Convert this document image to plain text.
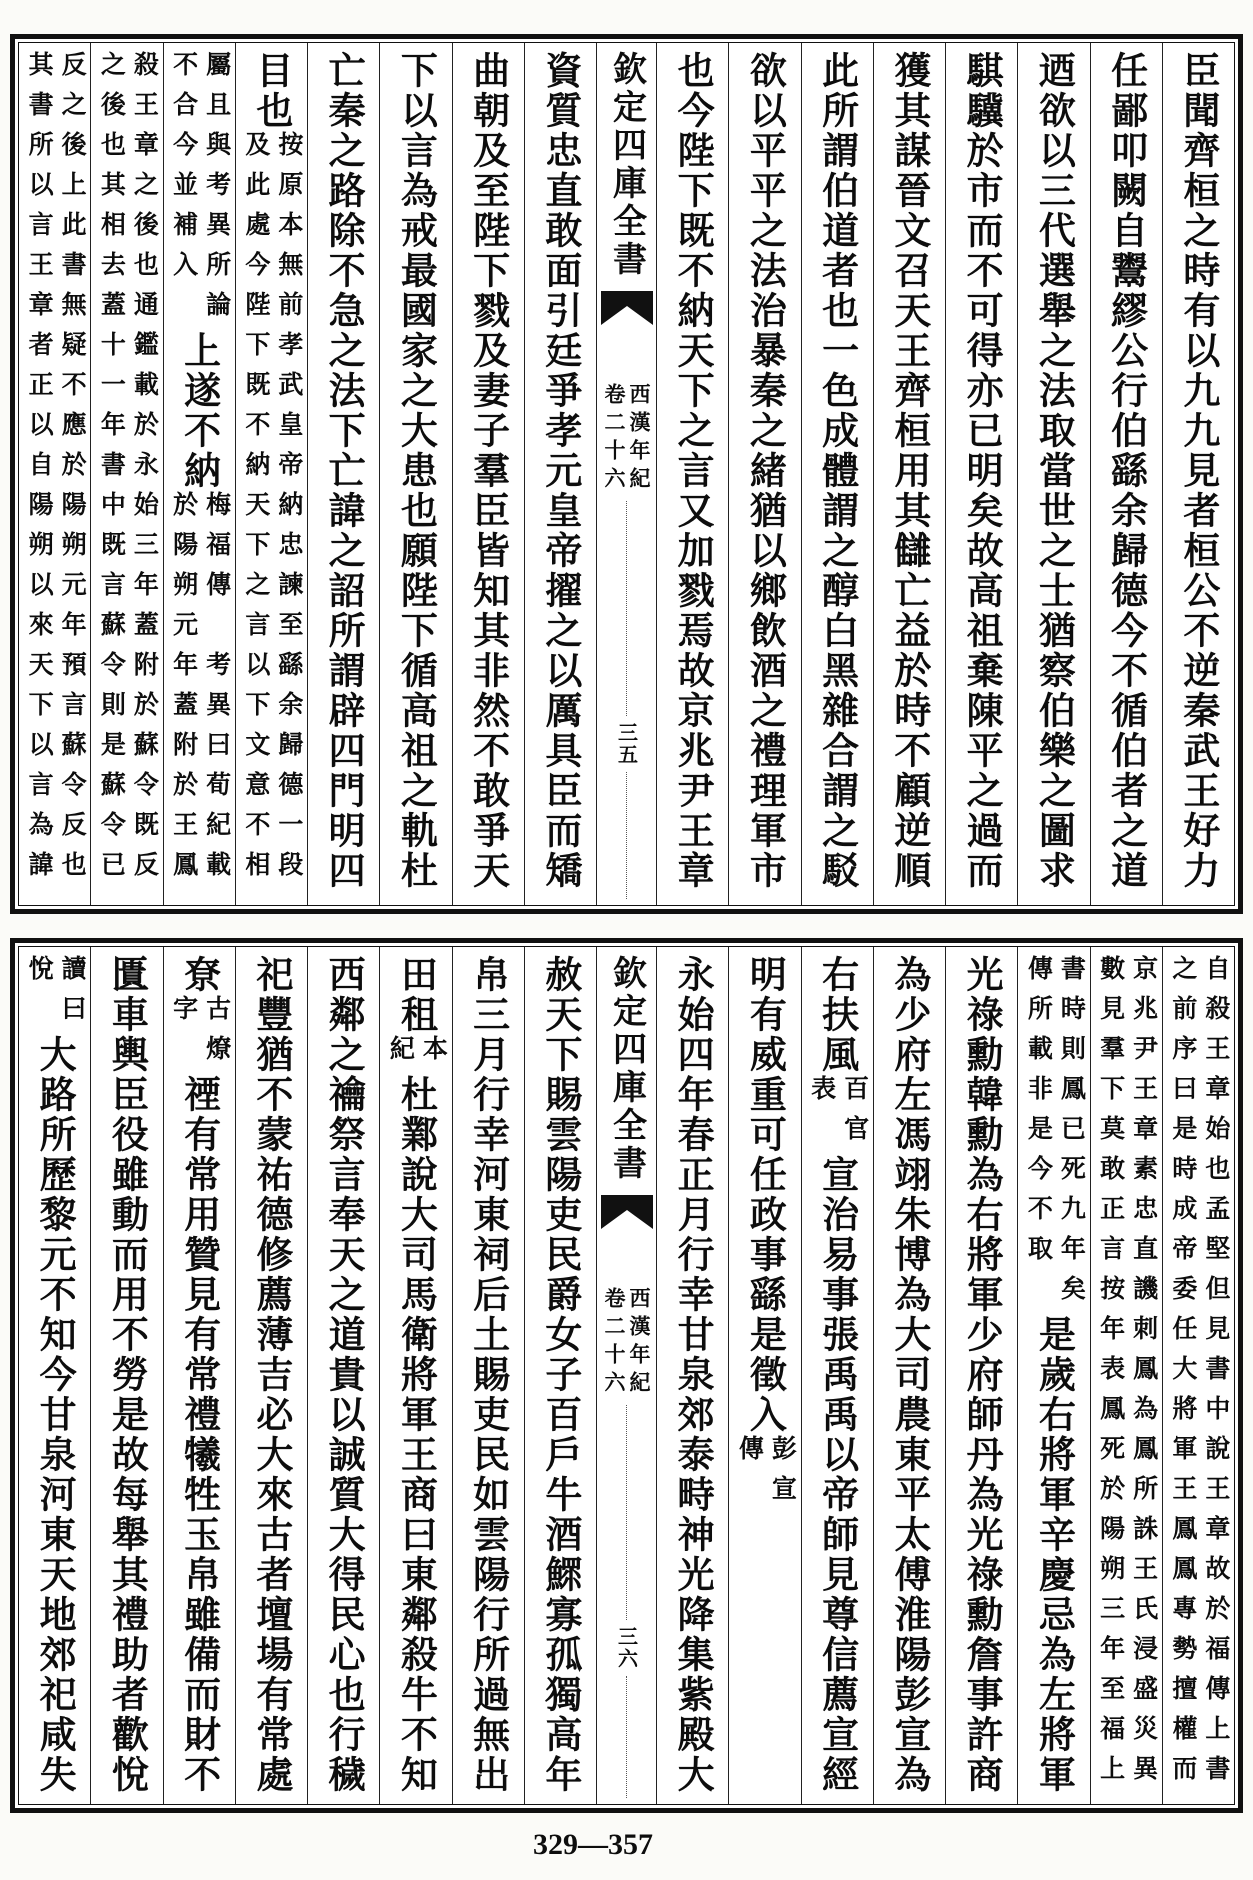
臣聞齊桓之時有以九九見者桓公不逆秦武王好力
任鄙叩闕自鬻繆公行伯繇余歸德今不循伯者之道
迺欲以三代選舉之法取當世之士猶察伯樂之圖求
騏驥於市而不可得亦已明矣故高祖棄陳平之過而
獲其謀晉文召天王齊桓用其讎亡益於時不顧逆順
此所謂伯道者也一色成體謂之醇白黑雜合謂之駁
欲以平平之法治暴秦之緒猶以鄉飲酒之禮理軍市
也今陛下既不納天下之言又加戮焉故京兆尹王章
欽定四庫全書
西漢年紀
卷二十六
三五
資質忠直敢面引廷爭孝元皇帝擢之以厲具臣而矯
曲朝及至陛下戮及妻子羣臣皆知其非然不敢爭天
下以言為戒最國家之大患也願陛下循高祖之軌杜
亡秦之路除不急之法下亡諱之詔所謂辟四門明四
目也
按原本無前孝武皇帝納忠諫至繇余歸德一段
及此處今陛下既不納天下之言以下文意不相
屬且與考異所論
不合今並補入
上遂不納
梅福傳　考異曰荀紀載
於陽朔元年蓋附於王鳳
殺王章之後也通鑑載於永始三年蓋附於蘇令既反
之後也其相去蓋十一年書中既言蘇令則是蘇令已
反之後上此書無疑不應於陽朔元年預言蘇令反也
其書所以言王章者正以自陽朔以來天下以言為諱
自殺王章始也孟堅但見書中說王章故於福傳上書
之前序曰是時成帝委任大將軍王鳳鳳專勢擅權而
京兆尹王章素忠直譏刺鳳為鳳所誅王氏浸盛災異
數見羣下莫敢正言按年表鳳死於陽朔三年至福上
書時則鳳已死九年矣
傳所載非是今不取
是歲右將軍辛慶忌為左將軍
光祿勳韓勳為右將軍少府師丹為光祿勳詹事許商
為少府左馮翊朱博為大司農東平太傅淮陽彭宣為
右扶風
百官
表
宣治易事張禹禹以帝師見尊信薦宣經
明有威重可任政事繇是徵入
彭宣
傳
永始四年春正月行幸甘泉郊泰畤神光降集紫殿大
欽定四庫全書
西漢年紀
卷二十六
三六
赦天下賜雲陽吏民爵女子百戶牛酒鰥寡孤獨高年
帛三月行幸河東祠后土賜吏民如雲陽行所過無出
田租
本
紀
杜鄴說大司馬衛將軍王商曰東鄰殺牛不知
西鄰之禴祭言奉天之道貴以誠質大得民心也行穢
祀豐猶不蒙祐德修薦薄吉必大來古者壇場有常處
尞
古燎
字
禋有常用贊見有常禮犧牲玉帛雖備而財不
匱車輿臣役雖動而用不勞是故每舉其禮助者歡悅
讀曰
悅
大路所歷黎元不知今甘泉河東天地郊祀咸失
329—357
